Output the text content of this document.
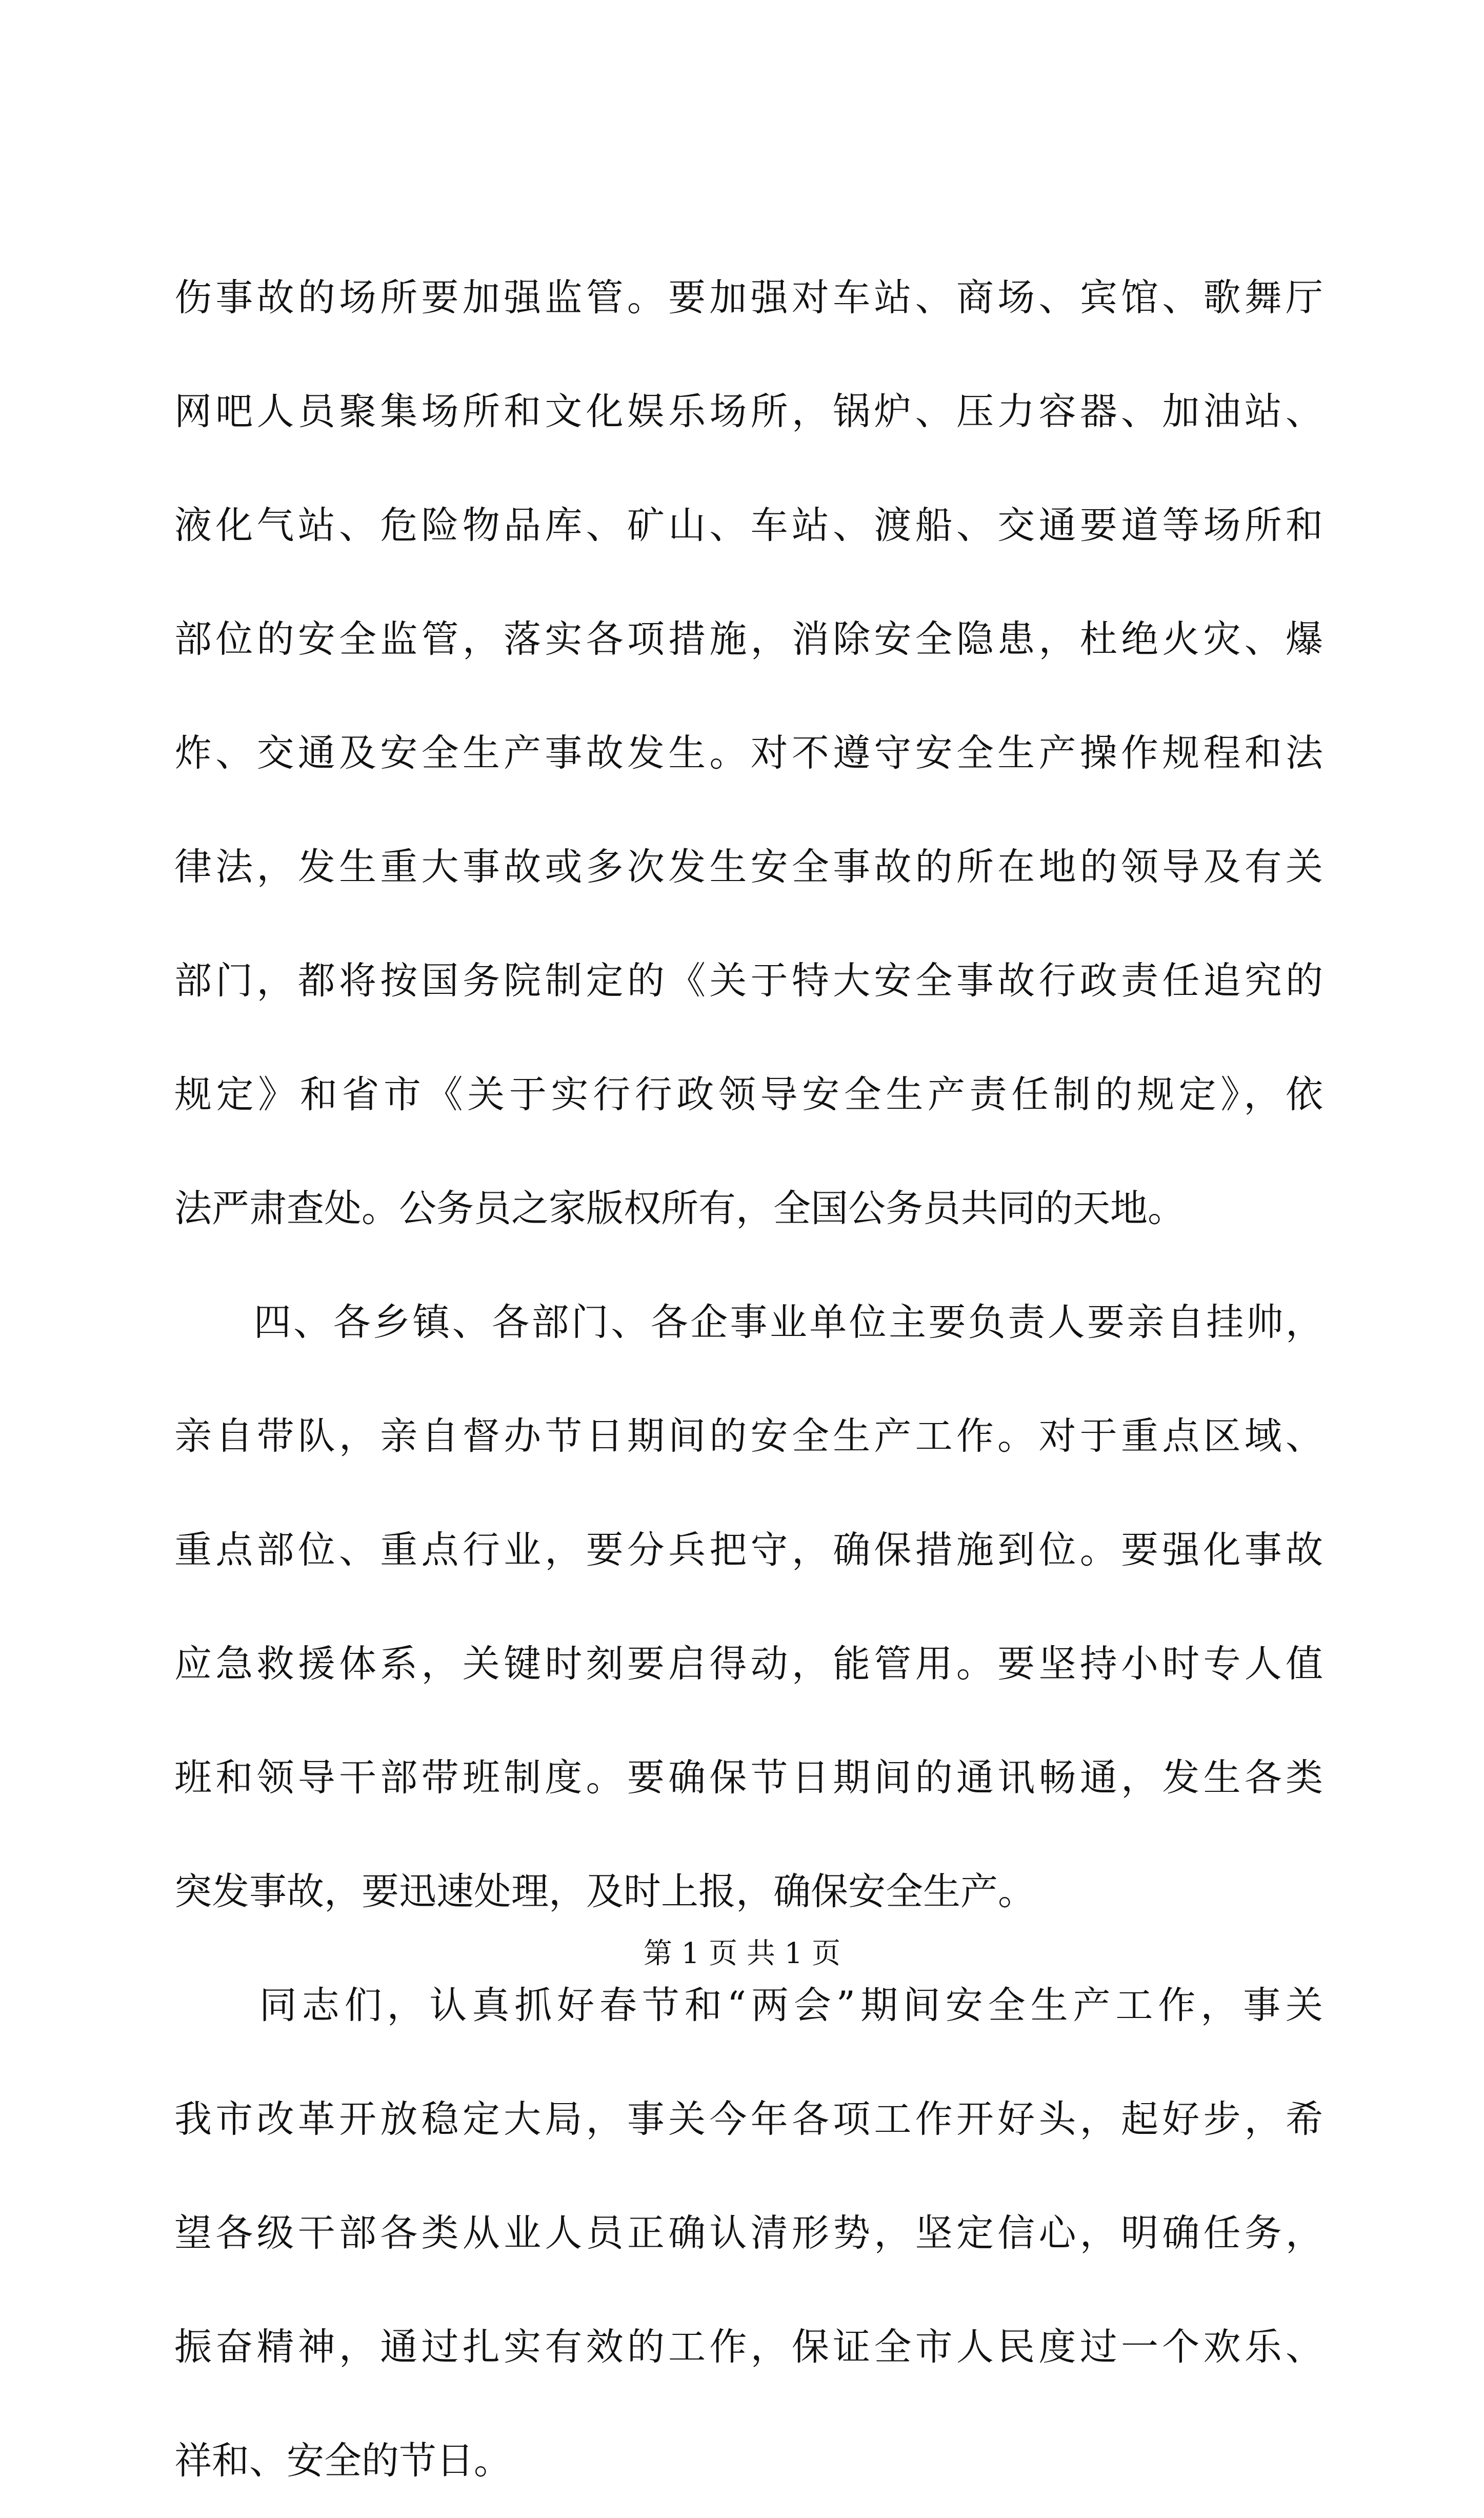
伤事故的场所要加强监管。要加强对车站、商场、宾馆、歌舞厅
网吧人员聚集场所和文化娱乐场所，锅炉、压力容器、加油站、
液化气站、危险物品库、矿山、车站、渡船、交通要道等场所和
部位的安全监管，落实各项措施，消除安全隐患，杜绝火灾、爆
炸、交通及安全生产事故发生。对不遵守安全生产操作规程和法
律法，发生重大事故或多次发生安全事故的所在地的领导及有关
部门，都将按国务院制定的《关于特大安全事故行政责任追究的
规定》和省市《关于实行行政领导安全生产责任制的规定》，依
法严肃查处。公务员之家版权所有，全国公务员共同的天地。
　　四、各乡镇、各部门、各企事业单位主要负责人要亲自挂帅，
亲自带队，亲自督办节日期间的安全生产工作。对于重点区域、
重点部位、重点行业，要分兵把守，确保措施到位。要强化事故
应急救援体系，关键时刻要启得动，能管用。要坚持小时专人值
班和领导干部带班制度。要确保节日期间的通讯畅通，发生各类
突发事故，要迅速处理，及时上报，确保安全生产。
　　同志们，认真抓好春节和“两会”期间安全生产工作，事关
我市改革开放稳定大局，事关今年各项工作开好头，起好步，希
望各级干部各类从业人员正确认清形势，坚定信心，明确任务，
振奋精神，通过扎实有效的工作，保证全市人民度过一个欢乐、
祥和、安全的节日。
第 1 页 共 1 页
